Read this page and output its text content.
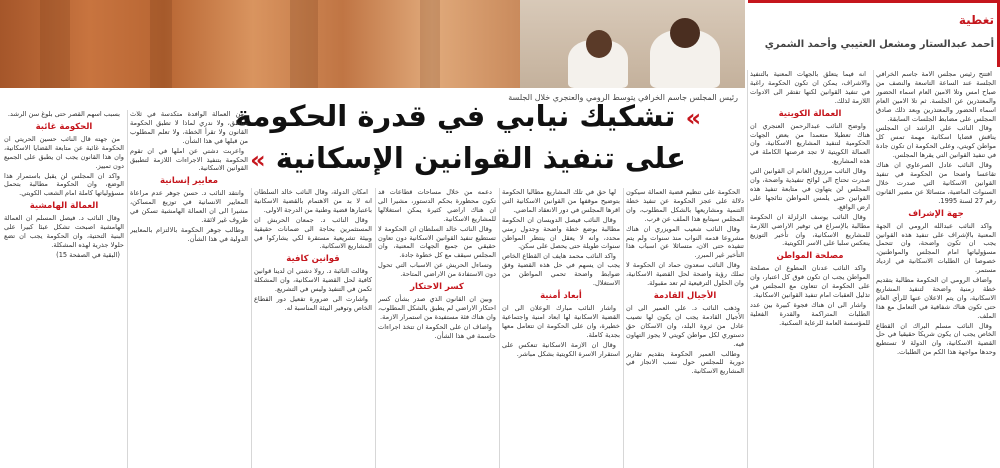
رئيس المجلس جاسم الخرافي يتوسط الرومي والعنجري خلال الجلسة
تغطية
أحمد عبدالستار ومشعل العتيبي وأحمد الشمري
» تشكيك نيابي في قدرة الحكومة
على تنفيذ القوانين الإسكانية »

افتتح رئيس مجلس الامة جاسم الخرافي الجلسة عند الساعة التاسعة والنصف من صباح امس وتلا الامين العام اسماء الحضور والمعتذرين عن الجلسة. ثم تلا الامين العام اسماء الحضور والمعتذرين وبعد ذلك صادق المجلس على مضابط الجلسات السابقة.

وقال النائب علي الراشد ان المجلس يناقش قضايا اسكانية مهمة تمس كل مواطن كويتي، وعلى الحكومة ان تكون جادة في تنفيذ القوانين التي يقرها المجلس.

وقال النائب عادل الصرعاوي ان هناك تقاعسا واضحا من الحكومة في تنفيذ القوانين الاسكانية التي صدرت خلال السنوات الماضية، متسائلا عن مصير القانون رقم 27 لسنة 1995.

جهة الإشراف

واكد النائب عبدالله الرومي ان الجهة المعنية بالإشراف على تنفيذ هذه القوانين يجب ان تكون واضحة، وان تتحمل مسؤولياتها امام المجلس والمواطنين، خصوصا ان الطلبات الاسكانية في ازدياد مستمر.

واضاف الرومي ان الحكومة مطالبة بتقديم خطة زمنية واضحة لتنفيذ المشاريع الاسكانية، وان يتم الاعلان عنها للرأي العام حتى تكون هناك شفافية في التعامل مع هذا الملف.

وقال النائب مسلم البراك ان القطاع الخاص يجب ان يكون شريكا حقيقيا في حل القضية الاسكانية، وان الدولة لا تستطيع وحدها مواجهة هذا الكم من الطلبات.

انه فيما يتعلق بالجهات المعنية بالتنفيذ والاشراف، يمكن ان تكون الحكومة راغبة في تنفيذ القوانين لكنها تفتقر الى الادوات اللازمة لذلك.

العمالة الكويتية

واوضح النائب عبدالرحمن العنجري ان هناك تعطيلا متعمدا من بعض الجهات الحكومية لتنفيذ المشاريع الاسكانية، وان العمالة الكويتية لا تجد فرصتها الكاملة في هذه المشاريع.

وقال النائب مرزوق الغانم ان القوانين التي صدرت تحتاج الى لوائح تنفيذية واضحة، وان المجلس لن يتهاون في متابعة تنفيذ هذه القوانين حتى يلمس المواطن نتائجها على ارض الواقع.

وقال النائب يوسف الزلزلة ان الحكومة مطالبة بالإسراع في توفير الاراضي اللازمة للمشاريع الاسكانية، وان تأخير التوزيع ينعكس سلبا على الاسر الكويتية.

مصلحة المواطن

واكد النائب عدنان المطوع ان مصلحة المواطن يجب ان تكون فوق كل اعتبار، وان على الحكومة ان تتعاون مع المجلس في تذليل العقبات امام تنفيذ القوانين الاسكانية.

واشار الى ان هناك فجوة كبيرة بين عدد الطلبات المتراكمة والقدرة الفعلية للمؤسسة العامة للرعاية السكنية.

الحكومة على تنظيم قضية العمالة سيكون دلالة على عجز الحكومة عن تنفيذ خطة التنمية ومشاريعها بالشكل المطلوب، وان المجلس سيتابع هذا الملف عن قرب.

وقال النائب شعيب المويزري ان هناك مشروعا قدمه النواب منذ سنوات ولم يتم تنفيذه حتى الان، متسائلا عن اسباب هذا التأخير غير المبرر.

وقال النائب سعدون حماد ان الحكومة لا تملك رؤية واضحة لحل القضية الاسكانية، وان الحلول الترقيعية لم تعد مقبولة.

الأجيال القادمة

وذهب النائب د. علي العمير الى ان الأجيال القادمة يجب ان يكون لها نصيب عادل من ثروة البلد، وان الاسكان حق دستوري لكل مواطن كويتي لا يجوز التهاون فيه.

وطالب العمير الحكومة بتقديم تقارير دورية للمجلس حول نسب الانجاز في المشاريع الاسكانية.

لها حق في تلك المشاريع مطالبا الحكومة بتوضيح موقفها من القوانين الاسكانية التي اقرها المجلس في دور الانعقاد الماضي.

وقال النائب فيصل الدويسان ان الحكومة مطالبة بوضع خطة واضحة وجدول زمني محدد، وانه لا يعقل ان ينتظر المواطن سنوات طويلة حتى يحصل على سكن.

واكد النائب محمد هايف ان القطاع الخاص يجب ان يسهم في حل هذه القضية وفق ضوابط واضحة تحمي المواطن من الاستغلال.

أبعاد أمنية

واشار النائب مبارك الوعلان الى ان القضية الاسكانية لها ابعاد امنية واجتماعية خطيرة، وان على الحكومة ان تتعامل معها بجدية كاملة.

وقال ان الازمة الاسكانية تنعكس على استقرار الاسرة الكويتية بشكل مباشر.

دعمه من خلال مساحات قطاعات قد تكون محظورة بحكم الدستور، مشيرا الى ان هناك اراضي كثيرة يمكن استغلالها للمشاريع الاسكانية.

وقال النائب خالد السلطان ان الحكومة لا تستطيع تنفيذ القوانين الاسكانية دون تعاون حقيقي من جميع الجهات المعنية، وان المجلس سيقف مع كل خطوة جادة.

وتساءل الحريش عن الاسباب التي تحول دون الاستفادة من الاراضي المتاحة.

كسر الاحتكار

وبين ان القانون الذي صدر بشأن كسر احتكار الاراضي لم يطبق بالشكل المطلوب، وان هناك فئة مستفيدة من استمرار الازمة.

واضاف ان على الحكومة ان تتخذ اجراءات حاسمة في هذا الشأن.

امكان الدولة، وقال النائب خالد السلطان انه لا بد من الاهتمام بالقضية الاسكانية باعتبارها قضية وطنية من الدرجة الاولى.

وقال النائب د. جمعان الحربش ان المستثمرين بحاجة الى ضمانات حقيقية وبيئة تشريعية مستقرة لكي يشاركوا في المشاريع الاسكانية.

قوانين كافية

وقالت النائبة د. رولا دشتي ان لدينا قوانين كافية لحل القضية الاسكانية، وان المشكلة تكمن في التنفيذ وليس في التشريع.

واشارت الى ضرورة تفعيل دور القطاع الخاص وتوفير البيئة المناسبة له.

من العمالة الوافدة متكدسة في ثلاث مناطق، ولا ندري لماذا لا تطبق الحكومة القانون ولا تقرأ الخطة، ولا تعلم المطلوب من قبلها في هذا الشأن.

واعربت دشتي عن املها في ان تقوم الحكومة بتنفيذ الاجراءات اللازمة لتطبيق القوانين الاسكانية.

معايير إنسانية

وانتقد النائب د. حسن جوهر عدم مراعاة المعايير الانسانية في توزيع المساكن، مشيرا الى ان العمالة الهامشية تسكن في ظروف غير لائقة.

وطالب جوهر الحكومة بالالتزام بالمعايير الدولية في هذا الشأن.

بسبب اسهم القصر حتى بلوغ سن الرشد.

الحكومة غائبة

من جهته قال النائب حسين الحريتي ان الحكومة غائبة عن متابعة القضايا الاسكانية، وان هذا القانون يجب ان يطبق على الجميع دون تمييز.

واكد ان المجلس لن يقبل باستمرار هذا الوضع، وان الحكومة مطالبة بتحمل مسؤولياتها كاملة امام الشعب الكويتي.

العمالة الهامشية

وقال النائب د. فيصل المسلم ان العمالة الهامشية اصبحت تشكل عبئا كبيرا على البنية التحتية، وان الحكومة يجب ان تضع حلولا جذرية لهذه المشكلة.

(البقية في الصفحة 15)
